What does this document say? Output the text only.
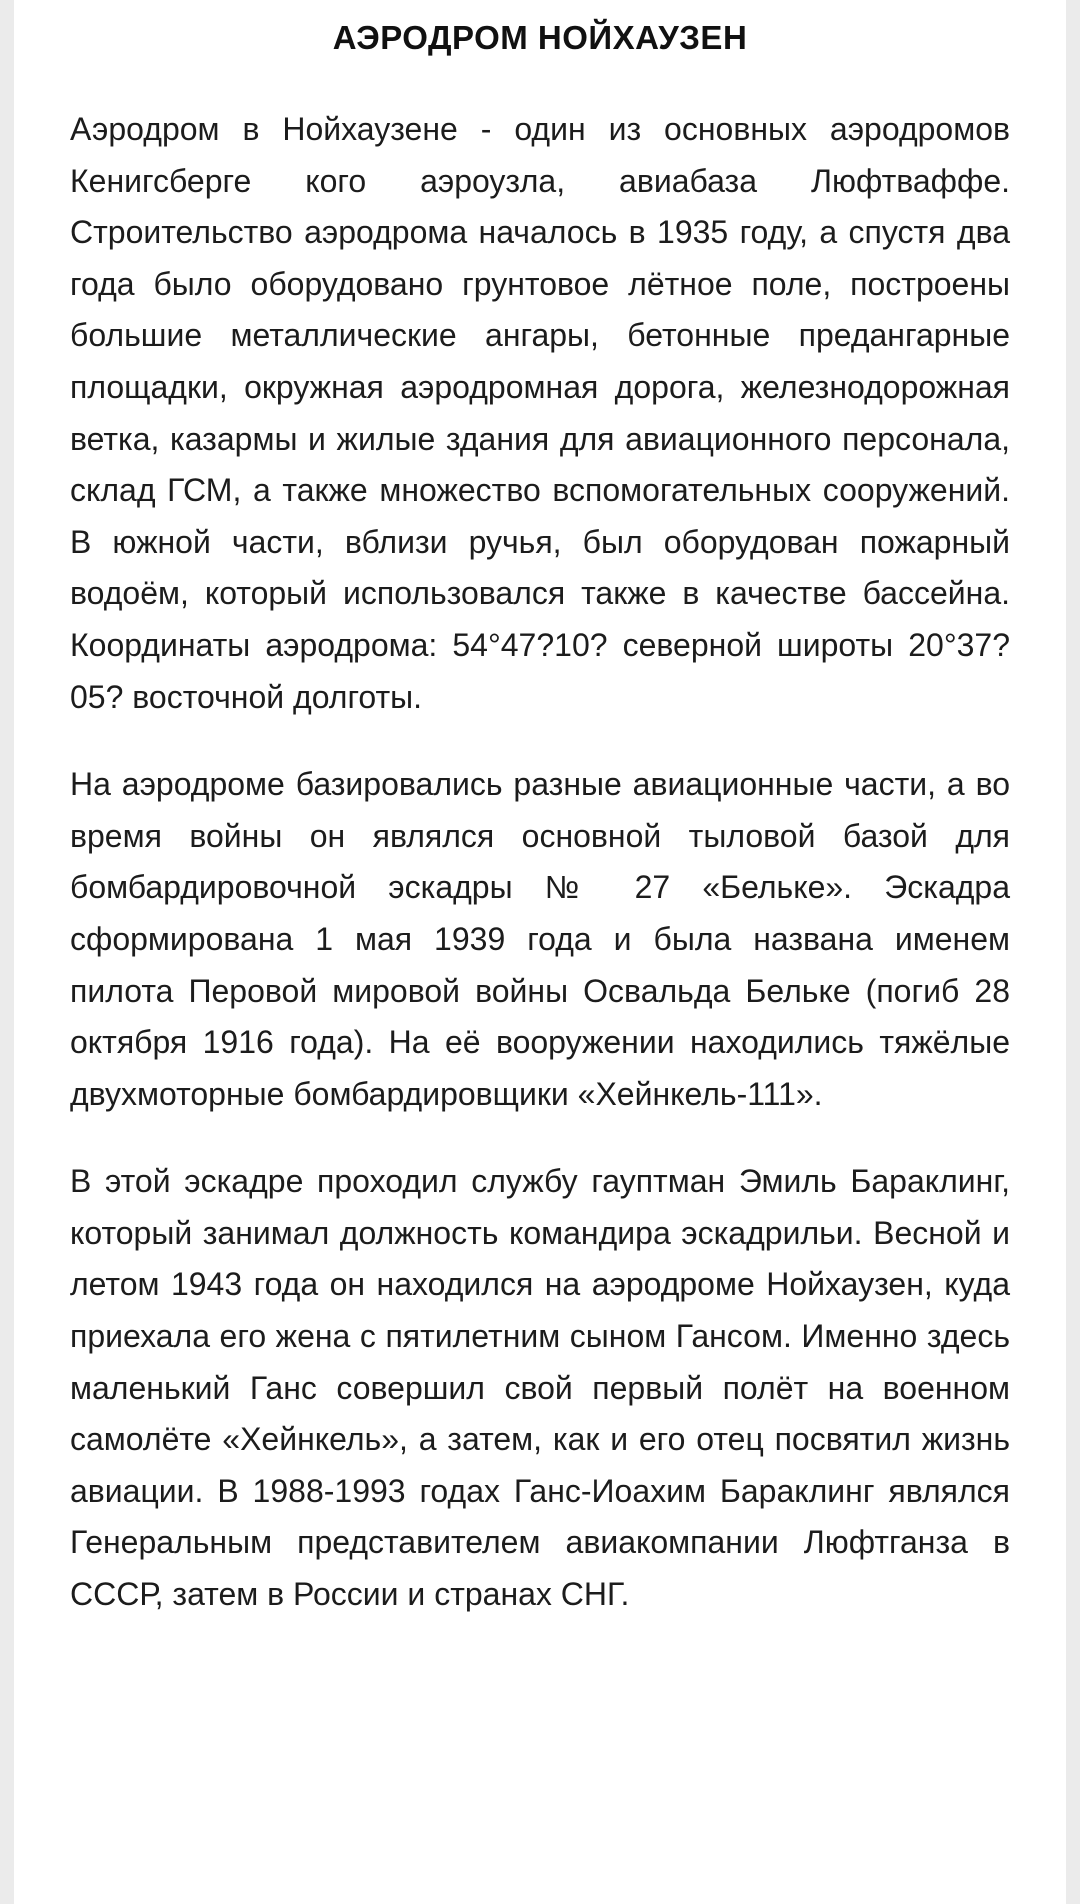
АЭРОДРОМ НОЙХАУЗЕН

Аэродром в Нойхаузене - один из основных аэродромов Кенигсберге кого аэроузла, авиабаза Люфтваффе. Строительство аэродрома началось в 1935 году, а спустя два года было оборудовано грунтовое лётное поле, построены большие металлические ангары, бетонные предангарные площадки, окружная аэродромная дорога, железнодорожная ветка, казармы и жилые здания для авиационного персонала, склад ГСМ, а также множество вспомогательных сооружений. В южной части, вблизи ручья, был оборудован пожарный водоём, который использовался также в качестве бассейна. Координаты аэродрома: 54°47?10? северной широты 20°37?05? восточной долготы.

На аэродроме базировались разные авиационные части, а во время войны он являлся основной тыловой базой для бомбардировочной эскадры № 27 «Бельке». Эскадра сформирована 1 мая 1939 года и была названа именем пилота Перовой мировой войны Освальда Бельке (погиб 28 октября 1916 года). На её вооружении находились тяжёлые двухмоторные бомбардировщики «Хейнкель-111».

В этой эскадре проходил службу гауптман Эмиль Бараклинг, который занимал должность командира эскадрильи. Весной и летом 1943 года он находился на аэродроме Нойхаузен, куда приехала его жена с пятилетним сыном Гансом. Именно здесь маленький Ганс совершил свой первый полёт на военном самолёте «Хейнкель», а затем, как и его отец посвятил жизнь авиации. В 1988-1993 годах Ганс-Иоахим Бараклинг являлся Генеральным представителем авиакомпании Люфтганза в СССР, затем в России и странах СНГ.
